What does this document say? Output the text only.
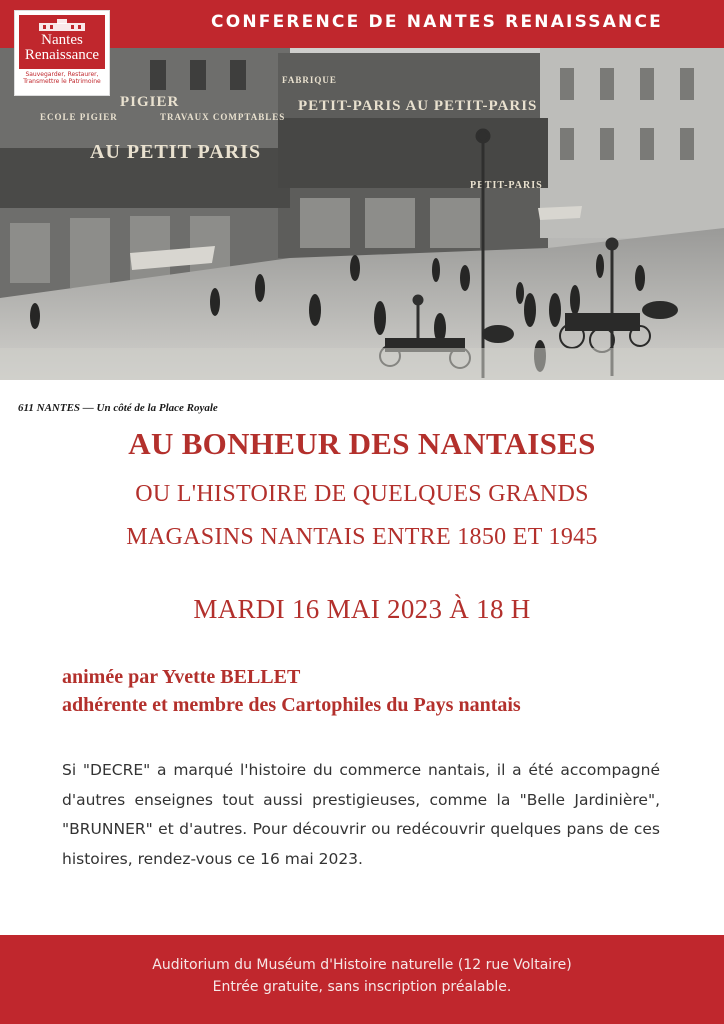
CONFERENCE DE NANTES RENAISSANCE
Nantes
Renaissance
Sauvegarder, Restaurer, Transmettre le Patrimoine
PIGIER
ECOLE PIGIER	TRAVAUX COMPTABLES
AU PETIT PARIS
PETIT-PARIS AU PETIT-PARIS
PETIT-PARIS
FABRIQUE
611 NANTES — Un côté de la Place Royale
AU BONHEUR DES NANTAISES
OU L'HISTOIRE DE QUELQUES GRANDS
MAGASINS NANTAIS ENTRE 1850 ET 1945
MARDI 16 MAI 2023 À 18 H
animée par Yvette BELLET
adhérente et membre des Cartophiles du Pays nantais
Si "DECRE" a marqué l'histoire du commerce nantais, il a été accompagné d'autres enseignes tout aussi prestigieuses, comme la "Belle Jardinière", "BRUNNER" et d'autres. Pour découvrir ou redécouvrir quelques pans de ces histoires, rendez-vous ce 16 mai 2023.
Auditorium du Muséum d'Histoire naturelle (12 rue Voltaire)
Entrée gratuite, sans inscription préalable.
